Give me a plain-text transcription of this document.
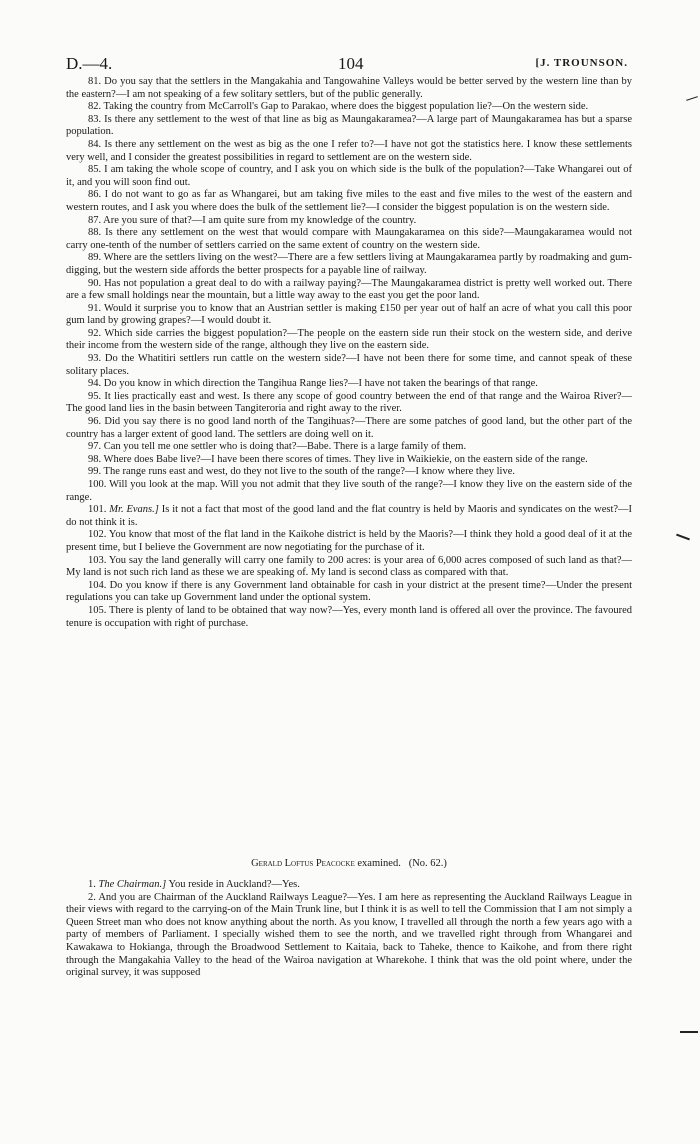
D.—4.	104	[J. TROUNSON.

81. Do you say that the settlers in the Mangakahia and Tangowahine Valleys would be better served by the western line than by the eastern?—I am not speaking of a few solitary settlers, but of the public generally.

82. Taking the country from McCarroll's Gap to Parakao, where does the biggest population lie?—On the western side.

83. Is there any settlement to the west of that line as big as Maungakaramea?—A large part of Maungakaramea has but a sparse population.

84. Is there any settlement on the west as big as the one I refer to?—I have not got the statistics here. I know these settlements very well, and I consider the greatest possibilities in regard to settlement are on the western side.

85. I am taking the whole scope of country, and I ask you on which side is the bulk of the population?—Take Whangarei out of it, and you will soon find out.

86. I do not want to go as far as Whangarei, but am taking five miles to the east and five miles to the west of the eastern and western routes, and I ask you where does the bulk of the settlement lie?—I consider the biggest population is on the western side.

87. Are you sure of that?—I am quite sure from my knowledge of the country.

88. Is there any settlement on the west that would compare with Maungakaramea on this side?—Maungakaramea would not carry one-tenth of the number of settlers carried on the same extent of country on the western side.

89. Where are the settlers living on the west?—There are a few settlers living at Maungakaramea partly by roadmaking and gum-digging, but the western side affords the better prospects for a payable line of railway.

90. Has not population a great deal to do with a railway paying?—The Maungakaramea district is pretty well worked out. There are a few small holdings near the mountain, but a little way away to the east you get the poor land.

91. Would it surprise you to know that an Austrian settler is making £150 per year out of half an acre of what you call this poor gum land by growing grapes?—I would doubt it.

92. Which side carries the biggest population?—The people on the eastern side run their stock on the western side, and derive their income from the western side of the range, although they live on the eastern side.

93. Do the Whatitiri settlers run cattle on the western side?—I have not been there for some time, and cannot speak of these solitary places.

94. Do you know in which direction the Tangihua Range lies?—I have not taken the bearings of that range.

95. It lies practically east and west. Is there any scope of good country between the end of that range and the Wairoa River?—The good land lies in the basin between Tangiteroria and right away to the river.

96. Did you say there is no good land north of the Tangihuas?—There are some patches of good land, but the other part of the country has a larger extent of good land. The settlers are doing well on it.

97. Can you tell me one settler who is doing that?—Babe. There is a large family of them.

98. Where does Babe live?—I have been there scores of times. They live in Waikiekie, on the eastern side of the range.

99. The range runs east and west, do they not live to the south of the range?—I know where they live.

100. Will you look at the map. Will you not admit that they live south of the range?—I know they live on the eastern side of the range.

101. Mr. Evans.] Is it not a fact that most of the good land and the flat country is held by Maoris and syndicates on the west?—I do not think it is.

102. You know that most of the flat land in the Kaikohe district is held by the Maoris?—I think they hold a good deal of it at the present time, but I believe the Government are now negotiating for the purchase of it.

103. You say the land generally will carry one family to 200 acres: is your area of 6,000 acres composed of such land as that?—My land is not such rich land as these we are speaking of. My land is second class as compared with that.

104. Do you know if there is any Government land obtainable for cash in your district at the present time?—Under the present regulations you can take up Government land under the optional system.

105. There is plenty of land to be obtained that way now?—Yes, every month land is offered all over the province. The favoured tenure is occupation with right of purchase.

Gerald Loftus Peacocke examined. (No. 62.)

1. The Chairman.] You reside in Auckland?—Yes.

2. And you are Chairman of the Auckland Railways League?—Yes. I am here as representing the Auckland Railways League in their views with regard to the carrying-on of the Main Trunk line, but I think it is as well to tell the Commission that I am not simply a Queen Street man who does not know anything about the north. As you know, I travelled all through the north a few years ago with a party of members of Parliament. I specially wished them to see the north, and we travelled right through from Whangarei and Kawakawa to Hokianga, through the Broadwood Settlement to Kaitaia, back to Taheke, thence to Kaikohe, and from there right through the Mangakahia Valley to the head of the Wairoa navigation at Wharekohe. I think that was the old point where, under the original survey, it was supposed
